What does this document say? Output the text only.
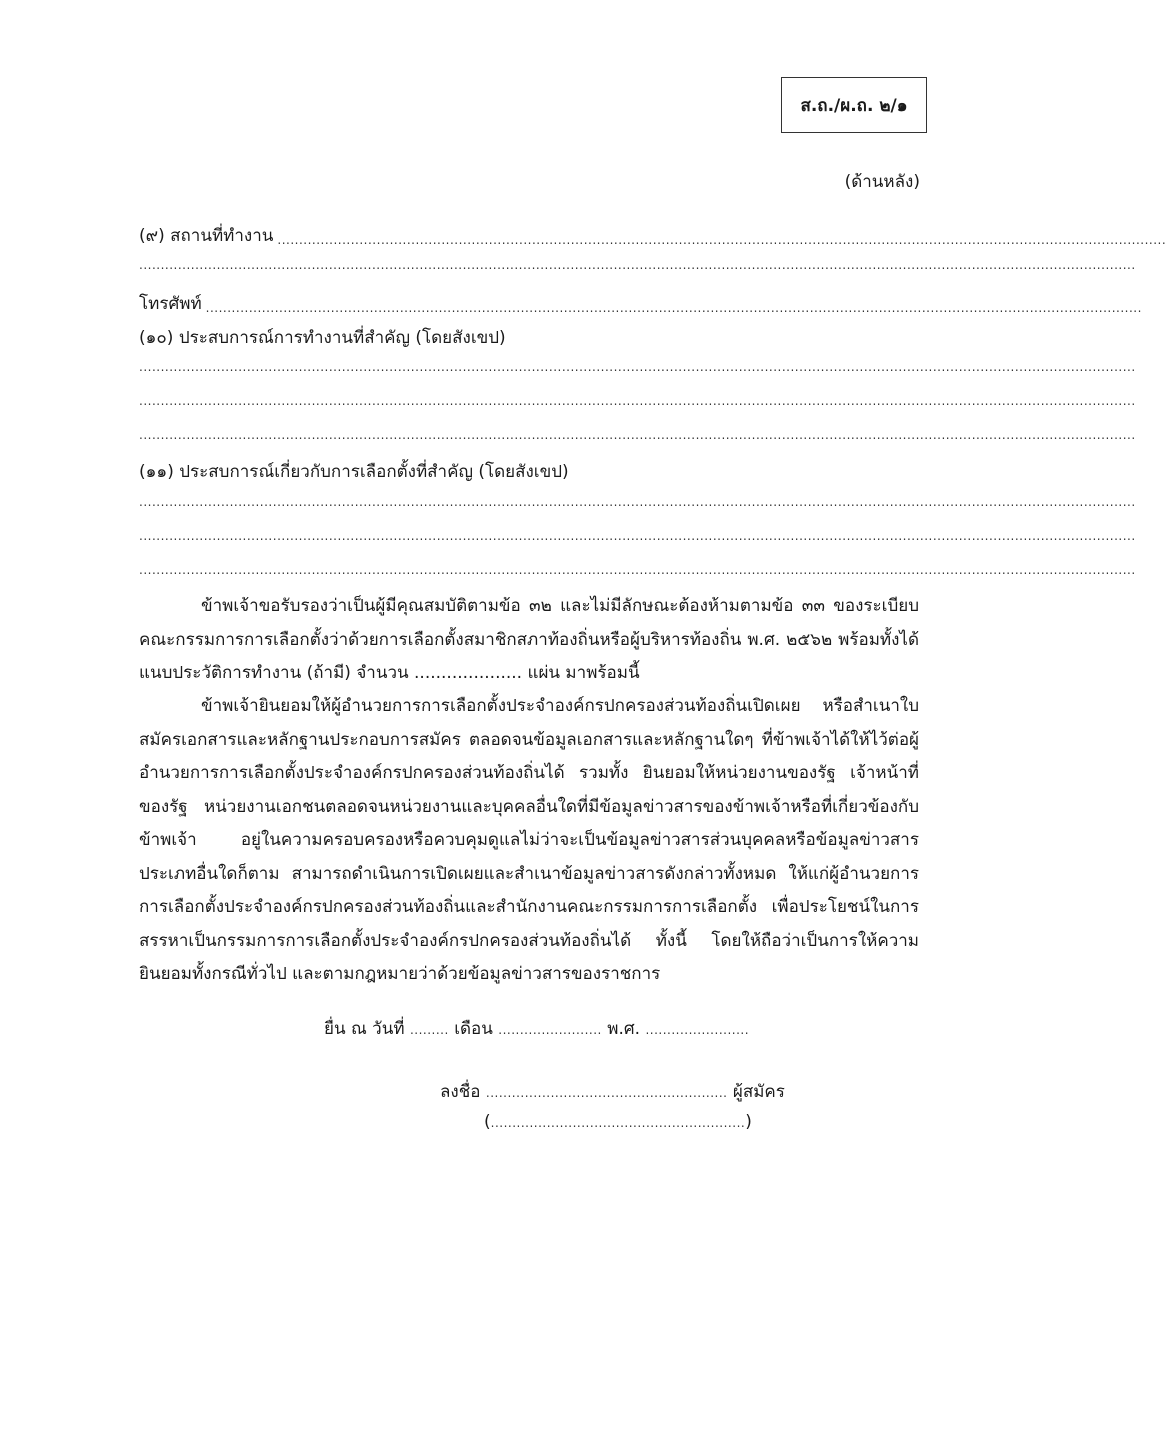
ส.ถ./ผ.ถ. ๒/๑
(ด้านหลัง)
(๙) สถานที่ทำงาน ..............................................................................................................................................................................................................
.......................................................................................................................................................................................................................................
โทรศัพท์ .........................................................................................................................................................................................................................
(๑๐) ประสบการณ์การทำงานที่สำคัญ (โดยสังเขป)
.......................................................................................................................................................................................................................................
.......................................................................................................................................................................................................................................
.......................................................................................................................................................................................................................................
(๑๑) ประสบการณ์เกี่ยวกับการเลือกตั้งที่สำคัญ (โดยสังเขป)
.......................................................................................................................................................................................................................................
.......................................................................................................................................................................................................................................
.......................................................................................................................................................................................................................................
ข้าพเจ้าขอรับรองว่าเป็นผู้มีคุณสมบัติตามข้อ ๓๒ และไม่มีลักษณะต้องห้ามตามข้อ ๓๓ ของระเบียบคณะกรรมการการเลือกตั้งว่าด้วยการเลือกตั้งสมาชิกสภาท้องถิ่นหรือผู้บริหารท้องถิ่น พ.ศ. ๒๕๖๒ พร้อมทั้งได้แนบประวัติการทำงาน (ถ้ามี) จำนวน .................... แผ่น มาพร้อมนี้
ข้าพเจ้ายินยอมให้ผู้อำนวยการการเลือกตั้งประจำองค์กรปกครองส่วนท้องถิ่นเปิดเผย หรือสำเนาใบสมัครเอกสารและหลักฐานประกอบการสมัคร ตลอดจนข้อมูลเอกสารและหลักฐานใดๆ ที่ข้าพเจ้าได้ให้ไว้ต่อผู้อำนวยการการเลือกตั้งประจำองค์กรปกครองส่วนท้องถิ่นได้ รวมทั้ง ยินยอมให้หน่วยงานของรัฐ เจ้าหน้าที่ของรัฐ หน่วยงานเอกชนตลอดจนหน่วยงานและบุคคลอื่นใดที่มีข้อมูลข่าวสารของข้าพเจ้าหรือที่เกี่ยวข้องกับข้าพเจ้า อยู่ในความครอบครองหรือควบคุมดูแลไม่ว่าจะเป็นข้อมูลข่าวสารส่วนบุคคลหรือข้อมูลข่าวสารประเภทอื่นใดก็ตาม สามารถดำเนินการเปิดเผยและสำเนาข้อมูลข่าวสารดังกล่าวทั้งหมด ให้แก่ผู้อำนวยการการเลือกตั้งประจำองค์กรปกครองส่วนท้องถิ่นและสำนักงานคณะกรรมการการเลือกตั้ง เพื่อประโยชน์ในการสรรหาเป็นกรรมการการเลือกตั้งประจำองค์กรปกครองส่วนท้องถิ่นได้ ทั้งนี้ โดยให้ถือว่าเป็นการให้ความยินยอมทั้งกรณีทั่วไป และตามกฎหมายว่าด้วยข้อมูลข่าวสารของราชการ
ยื่น ณ วันที่ ......... เดือน ........................ พ.ศ. ........................
ลงชื่อ ........................................................ ผู้สมัคร
(...........................................................)
